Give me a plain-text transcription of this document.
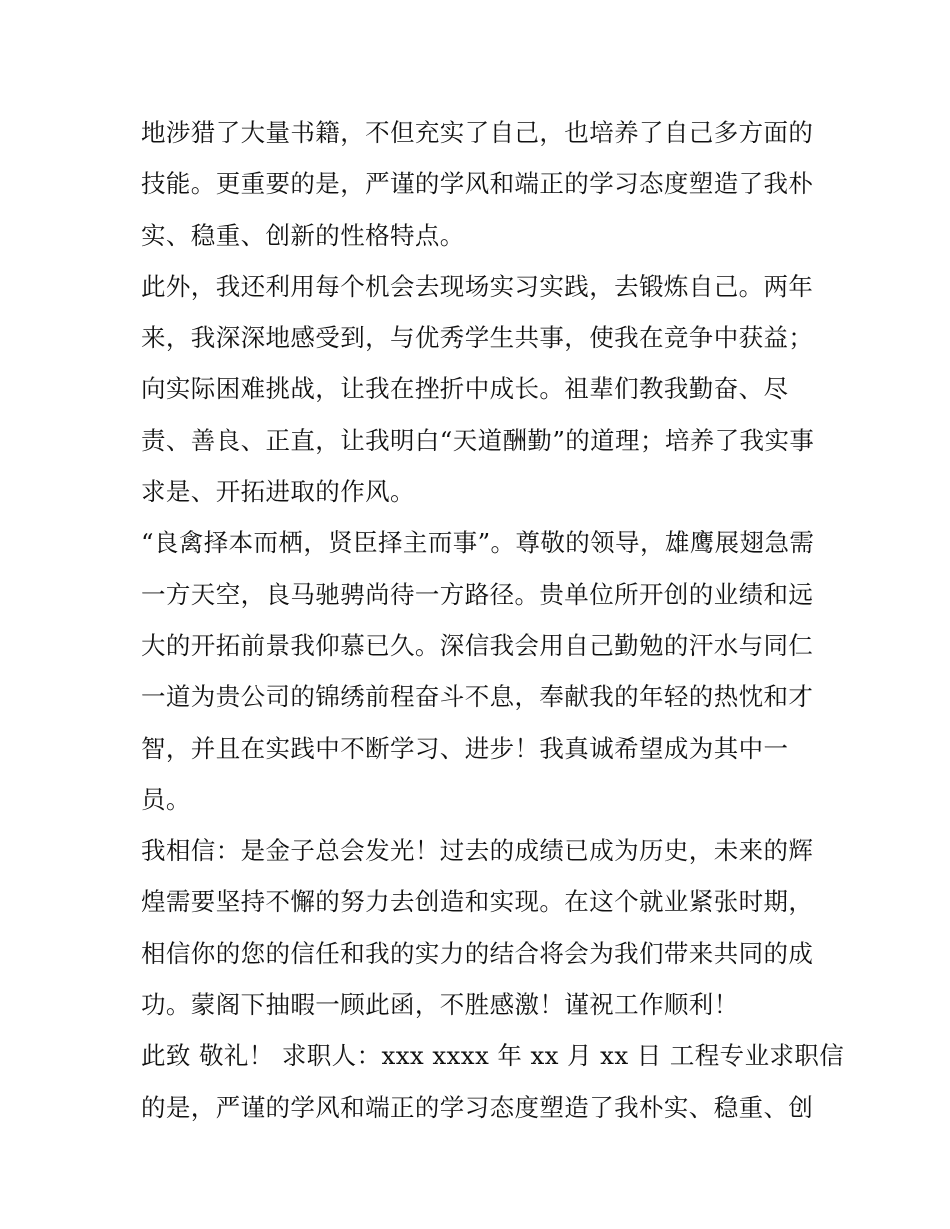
地涉猎了大量书籍，不但充实了自己，也培养了自己多方面的
技能。更重要的是，严谨的学风和端正的学习态度塑造了我朴
实、稳重、创新的性格特点。
此外，我还利用每个机会去现场实习实践，去锻炼自己。两年
来，我深深地感受到，与优秀学生共事，使我在竞争中获益；
向实际困难挑战，让我在挫折中成长。祖辈们教我勤奋、尽
责、善良、正直，让我明白“天道酬勤”的道理；培养了我实事
求是、开拓进取的作风。
“良禽择本而栖，贤臣择主而事”。尊敬的领导，雄鹰展翅急需
一方天空，良马驰骋尚待一方路径。贵单位所开创的业绩和远
大的开拓前景我仰慕已久。深信我会用自己勤勉的汗水与同仁
一道为贵公司的锦绣前程奋斗不息，奉献我的年轻的热忱和才
智，并且在实践中不断学习、进步！我真诚希望成为其中一
员。
我相信：是金子总会发光！过去的成绩已成为历史，未来的辉
煌需要坚持不懈的努力去创造和实现。在这个就业紧张时期，
相信你的您的信任和我的实力的结合将会为我们带来共同的成
功。蒙阁下抽暇一顾此函，不胜感激！谨祝工作顺利！
此致 敬礼！ 求职人：xxx xxxx 年 xx 月 xx 日 工程专业求职信
的是，严谨的学风和端正的学习态度塑造了我朴实、稳重、创
